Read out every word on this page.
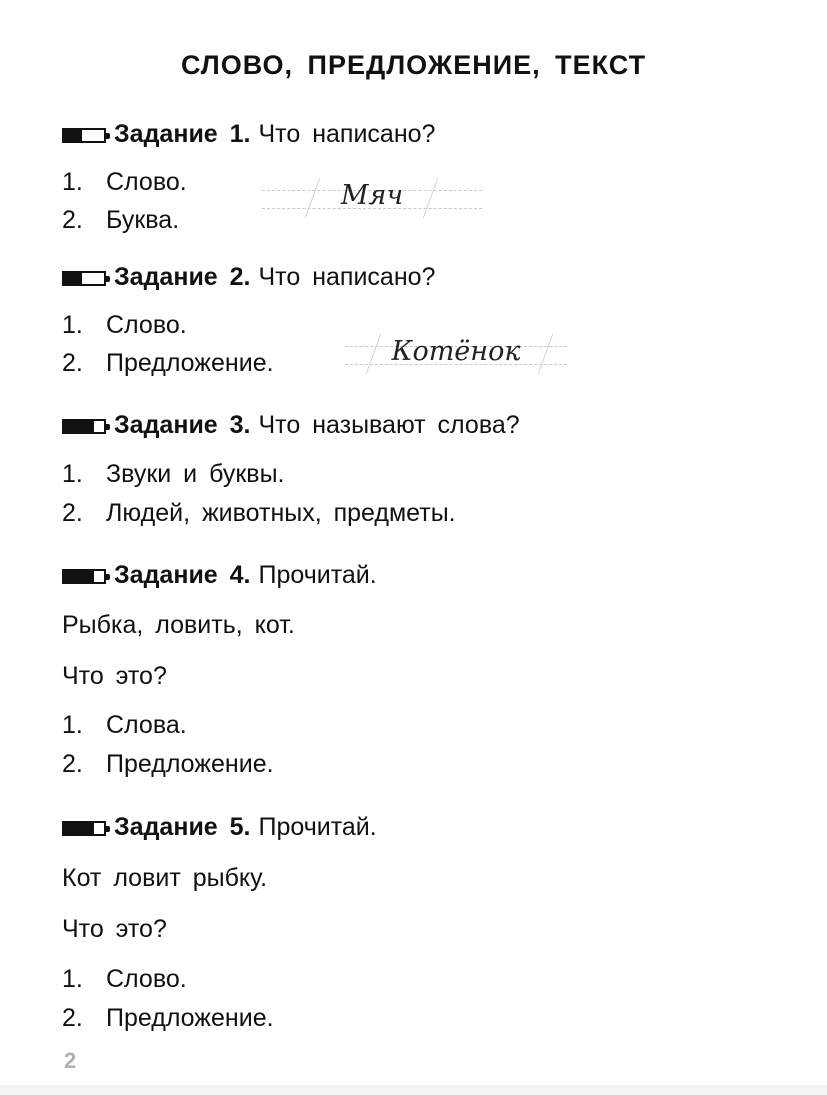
СЛОВО, ПРЕДЛОЖЕНИЕ, ТЕКСТ
Задание 1. Что написано?
1. Слово.
2. Буква.
Мяч
Задание 2. Что написано?
1. Слово.
2. Предложение.	Котёнок
Задание 3. Что называют слова?
1. Звуки и буквы.
2. Людей, животных, предметы.
Задание 4. Прочитай.
Рыбка, ловить, кот.
Что это?
1. Слова.
2. Предложение.
Задание 5. Прочитай.
Кот ловит рыбку.
Что это?
1. Слово.
2. Предложение.
2
